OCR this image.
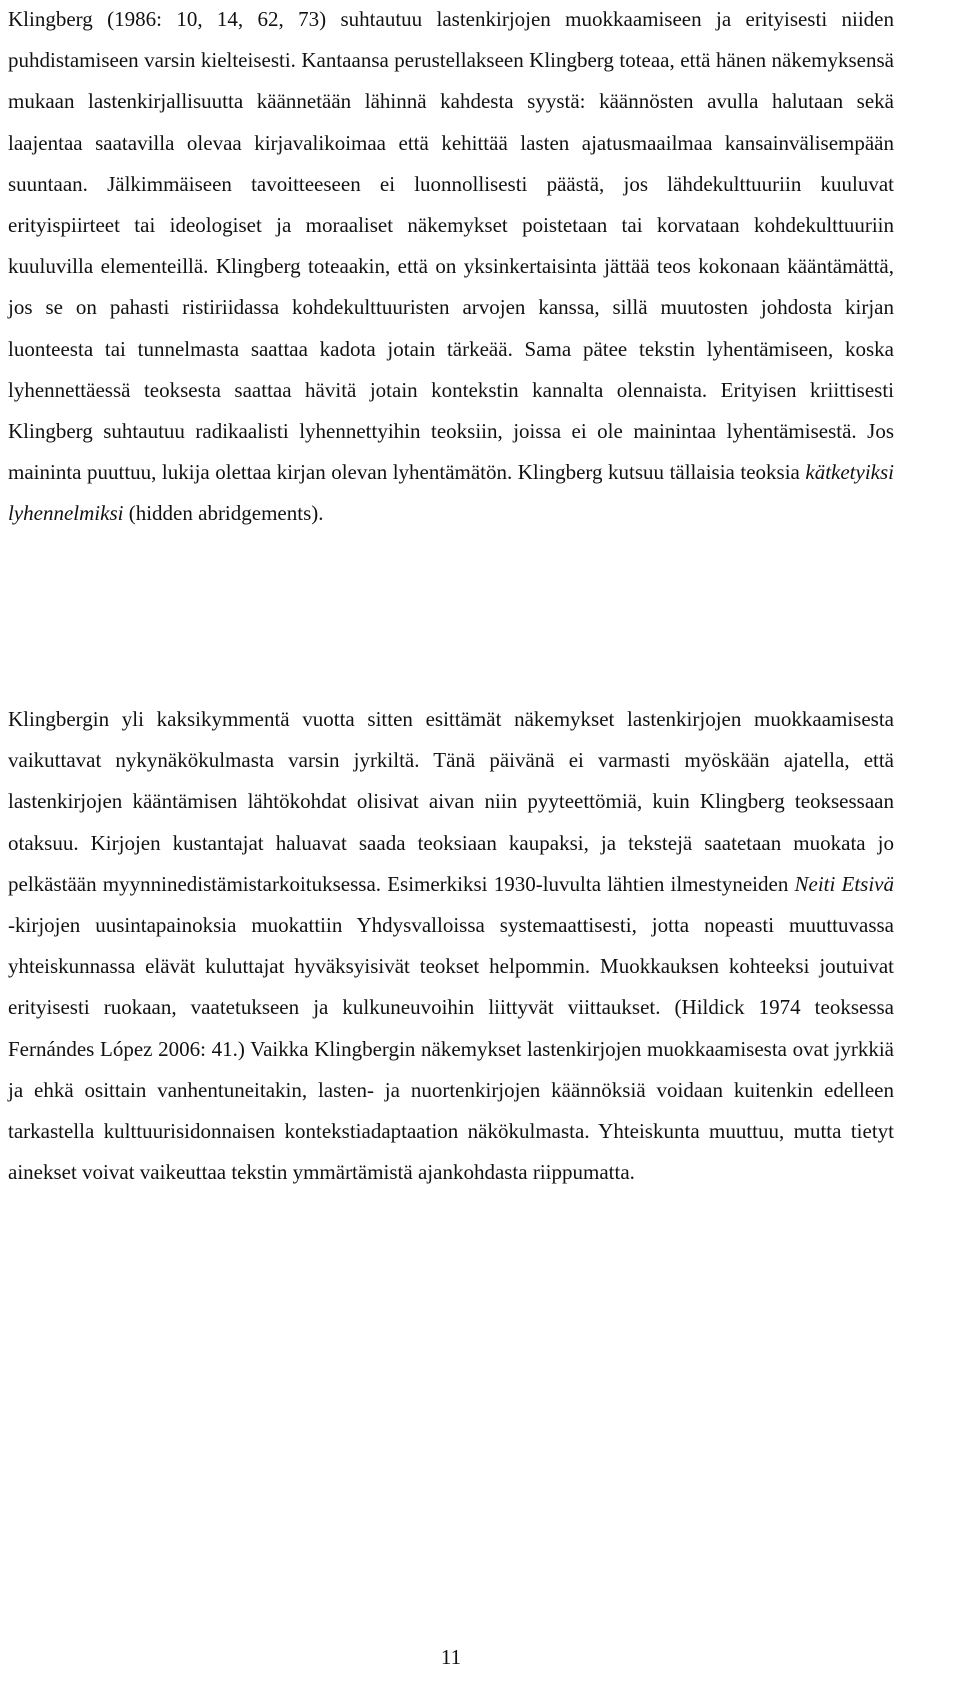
Klingberg (1986: 10, 14, 62, 73) suhtautuu lastenkirjojen muokkaamiseen ja erityisesti niiden puhdistamiseen varsin kielteisesti. Kantaansa perustellakseen Klingberg toteaa, että hänen näkemyksensä mukaan lastenkirjallisuutta käännetään lähinnä kahdesta syystä: käännösten avulla halutaan sekä laajentaa saatavilla olevaa kirjavalikoimaa että kehittää lasten ajatusmaailmaa kansainvälisempään suuntaan. Jälkimmäiseen tavoitteeseen ei luonnollisesti päästä, jos lähdekulttuuriin kuuluvat erityispiirteet tai ideologiset ja moraaliset näkemykset poistetaan tai korvataan kohdekulttuuriin kuuluvilla elementeillä. Klingberg toteaakin, että on yksinkertaisinta jättää teos kokonaan kääntämättä, jos se on pahasti ristiriidassa kohdekulttuuristen arvojen kanssa, sillä muutosten johdosta kirjan luonteesta tai tunnelmasta saattaa kadota jotain tärkeää. Sama pätee tekstin lyhentämiseen, koska lyhennettäessä teoksesta saattaa hävitä jotain kontekstin kannalta olennaista. Erityisen kriittisesti Klingberg suhtautuu radikaalisti lyhennettyihin teoksiin, joissa ei ole mainintaa lyhentämisestä. Jos maininta puuttuu, lukija olettaa kirjan olevan lyhentämätön. Klingberg kutsuu tällaisia teoksia kätketyiksi lyhennelmiksi (hidden abridgements).

Klingbergin yli kaksikymmentä vuotta sitten esittämät näkemykset lastenkirjojen muokkaamisesta vaikuttavat nykynäkökulmasta varsin jyrkiltä. Tänä päivänä ei varmasti myöskään ajatella, että lastenkirjojen kääntämisen lähtökohdat olisivat aivan niin pyyteettömiä, kuin Klingberg teoksessaan otaksuu. Kirjojen kustantajat haluavat saada teoksiaan kaupaksi, ja tekstejä saatetaan muokata jo pelkästään myynninedistämistarkoituksessa. Esimerkiksi 1930-luvulta lähtien ilmestyneiden Neiti Etsivä -kirjojen uusintapainoksia muokattiin Yhdysvalloissa systemaattisesti, jotta nopeasti muuttuvassa yhteiskunnassa elävät kuluttajat hyväksyisivät teokset helpommin. Muokkauksen kohteeksi joutuivat erityisesti ruokaan, vaatetukseen ja kulkuneuvoihin liittyvät viittaukset. (Hildick 1974 teoksessa Fernándes López 2006: 41.) Vaikka Klingbergin näkemykset lastenkirjojen muokkaamisesta ovat jyrkkiä ja ehkä osittain vanhentuneitakin, lasten- ja nuortenkirjojen käännöksiä voidaan kuitenkin edelleen tarkastella kulttuurisidonnaisen kontekstiadaptaation näkökulmasta. Yhteiskunta muuttuu, mutta tietyt ainekset voivat vaikeuttaa tekstin ymmärtämistä ajankohdasta riippumatta.

11
